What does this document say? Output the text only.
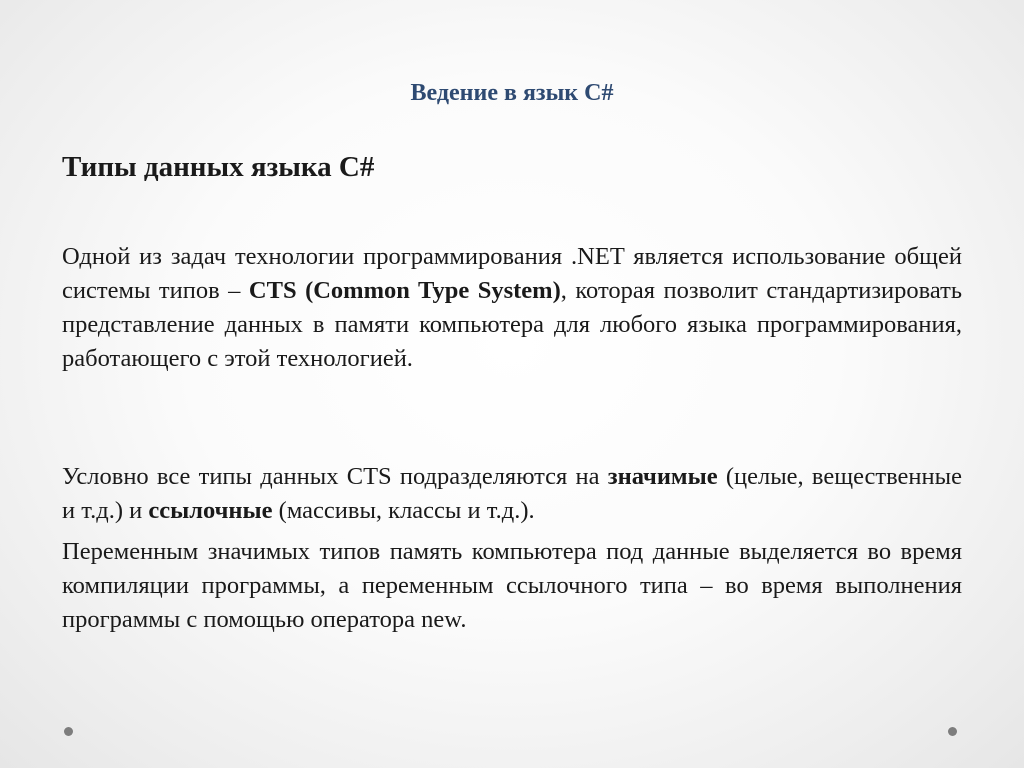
Ведение в язык C#
Типы данных языка C#
Одной из задач технологии программирования .NET является использование общей системы типов – CTS (Common Type System), которая позволит стандартизировать представление данных в памяти компьютера для любого языка программирования, работающего с этой технологией.
Условно все типы данных CTS подразделяются на значимые (целые, вещественные и т.д.) и ссылочные (массивы, классы и т.д.).
Переменным значимых типов память компьютера под данные выделяется во время компиляции программы, а переменным ссылочного типа – во время выполнения программы с помощью оператора new.
